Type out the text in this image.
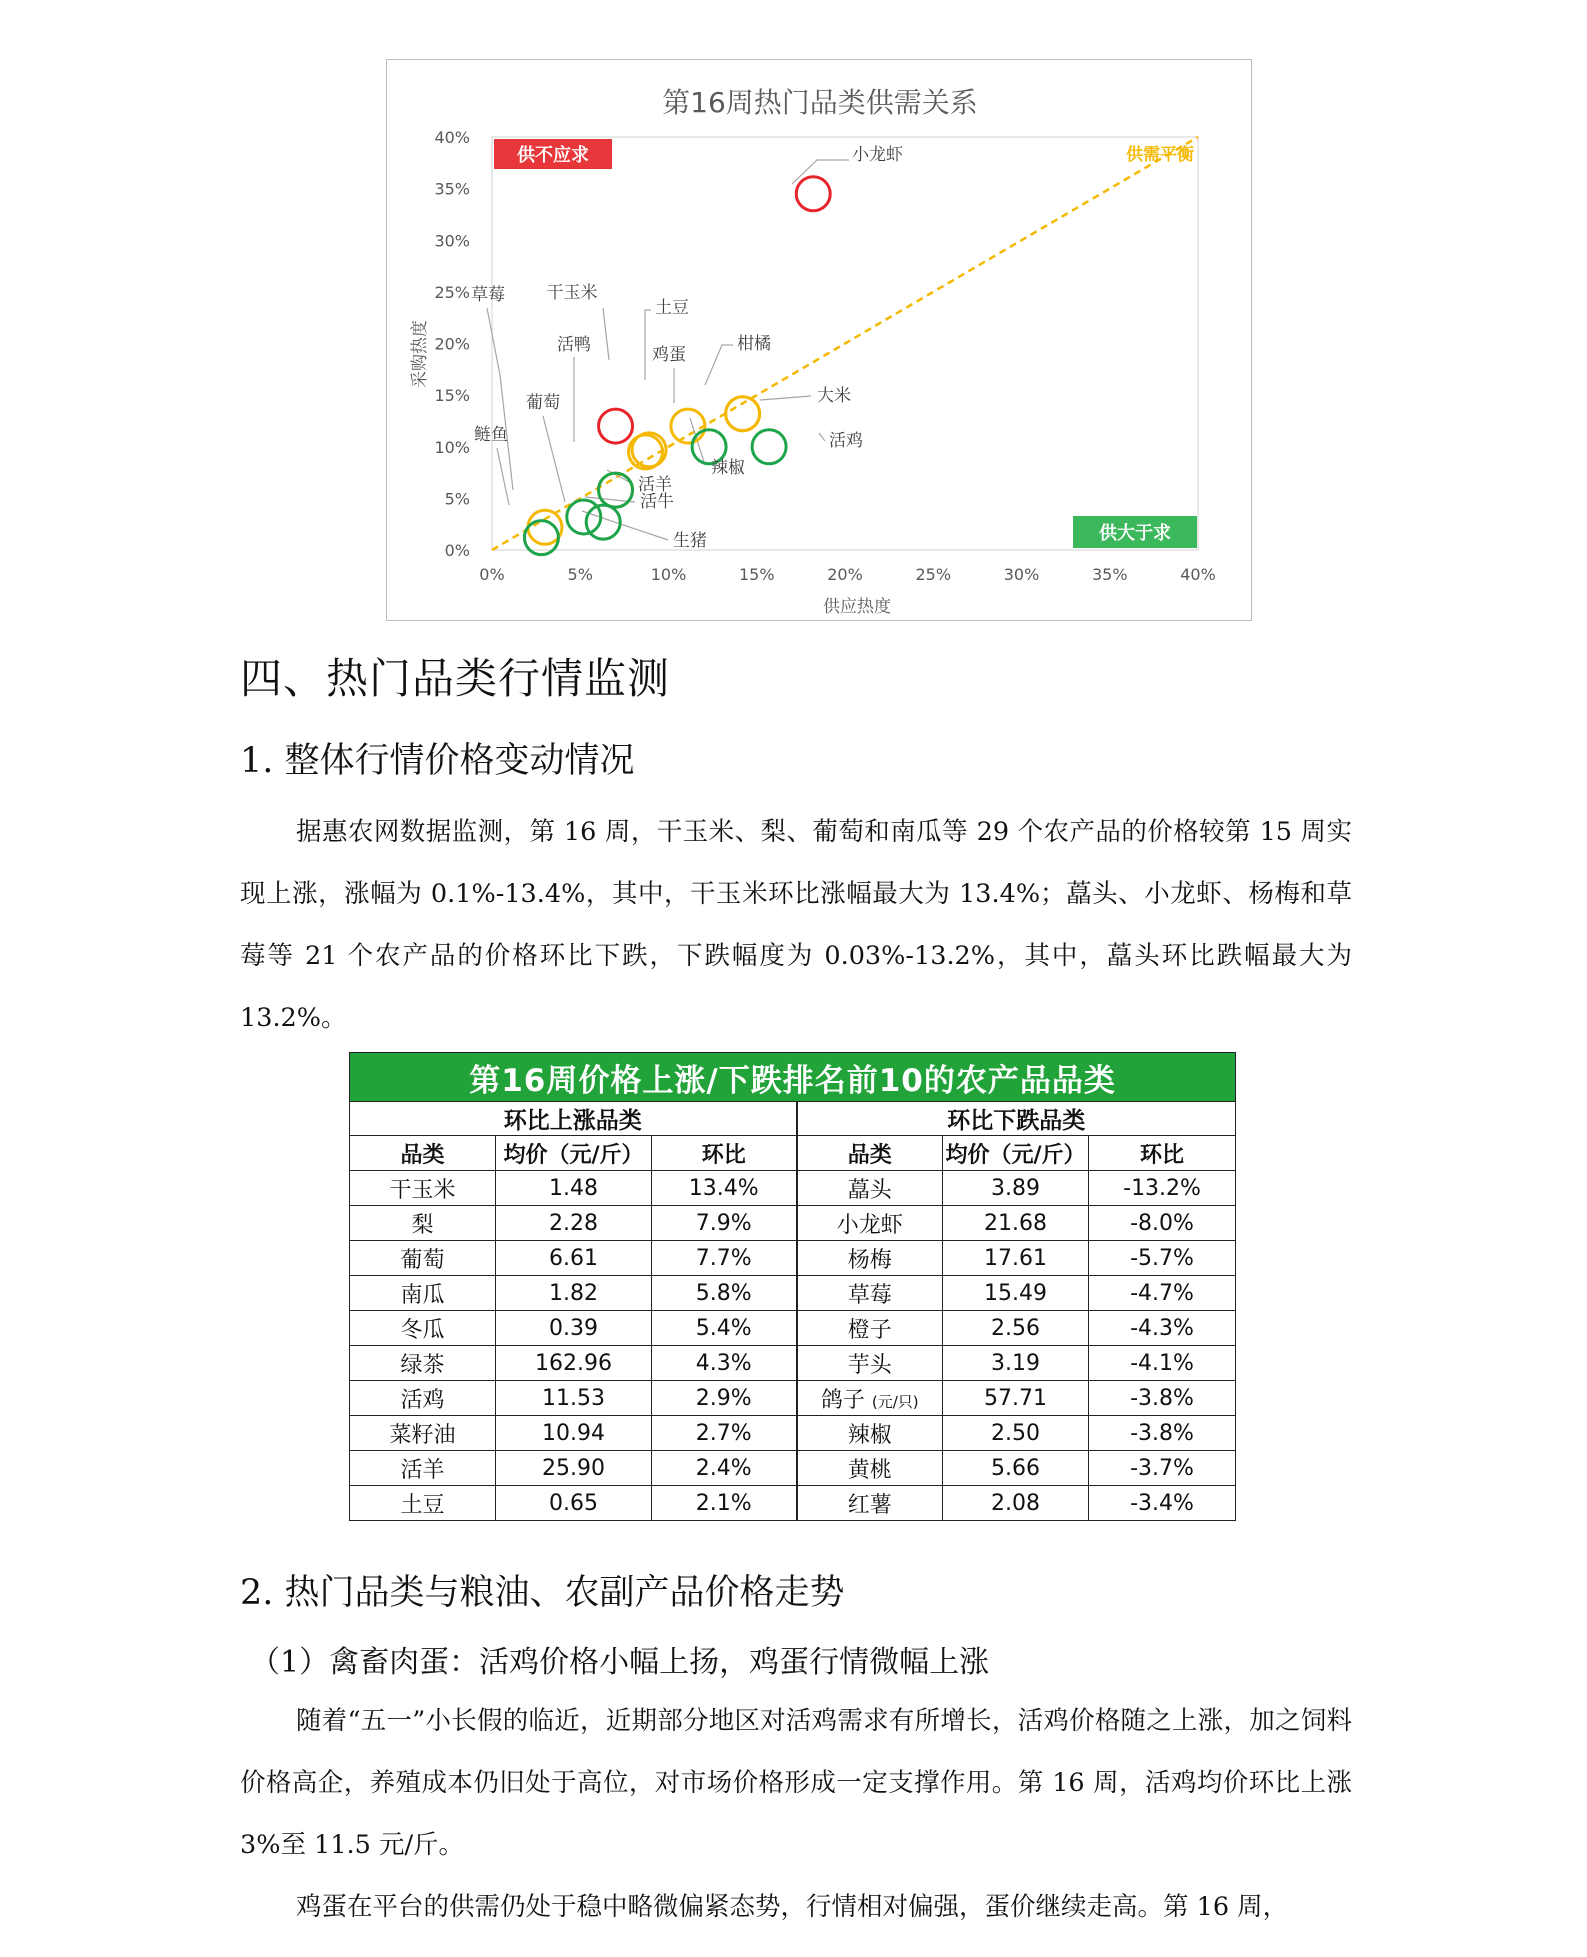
第16周热门品类供需关系
0%	5%	10%	15%	20%	25%	30%	35%	40%
0%
5%
10%
15%
20%
25%
30%
35%
40%
供不应求
供大于求
供需平衡
小龙虾
干玉米
土豆
鸡蛋
柑橘
大米
活鸭
辣椒
活鸡
葡萄
活羊
活牛
生猪
草莓
鲢鱼
供应热度
采购热度
四、热门品类行情监测
1. 整体行情价格变动情况

据惠农网数据监测，第 16 周，干玉米、梨、葡萄和南瓜等 29 个农产品的价格较第 15 周实现上涨，涨幅为 0.1%-13.4%，其中，干玉米环比涨幅最大为 13.4%；藠头、小龙虾、杨梅和草莓等 21 个农产品的价格环比下跌，下跌幅度为 0.03%-13.2%，其中，藠头环比跌幅最大为 13.2%。

第16周价格上涨/下跌排名前10的农产品品类					
环比上涨品类			环比下跌品类		
品类	均价（元/斤）	环比	品类	均价（元/斤）	环比
干玉米	1.48	13.4%	藠头	3.89	-13.2%
梨	2.28	7.9%	小龙虾	21.68	-8.0%
葡萄	6.61	7.7%	杨梅	17.61	-5.7%
南瓜	1.82	5.8%	草莓	15.49	-4.7%
冬瓜	0.39	5.4%	橙子	2.56	-4.3%
绿茶	162.96	4.3%	芋头	3.19	-4.1%
活鸡	11.53	2.9%	鸽子 (元/只)	57.71	-3.8%
菜籽油	10.94	2.7%	辣椒	2.50	-3.8%
活羊	25.90	2.4%	黄桃	5.66	-3.7%
土豆	0.65	2.1%	红薯	2.08	-3.4%
2. 热门品类与粮油、农副产品价格走势
（1）禽畜肉蛋：活鸡价格小幅上扬，鸡蛋行情微幅上涨

随着“五一”小长假的临近，近期部分地区对活鸡需求有所增长，活鸡价格随之上涨，加之饲料价格高企，养殖成本仍旧处于高位，对市场价格形成一定支撑作用。第 16 周，活鸡均价环比上涨 3%至 11.5 元/斤。

鸡蛋在平台的供需仍处于稳中略微偏紧态势，行情相对偏强，蛋价继续走高。第 16 周，
